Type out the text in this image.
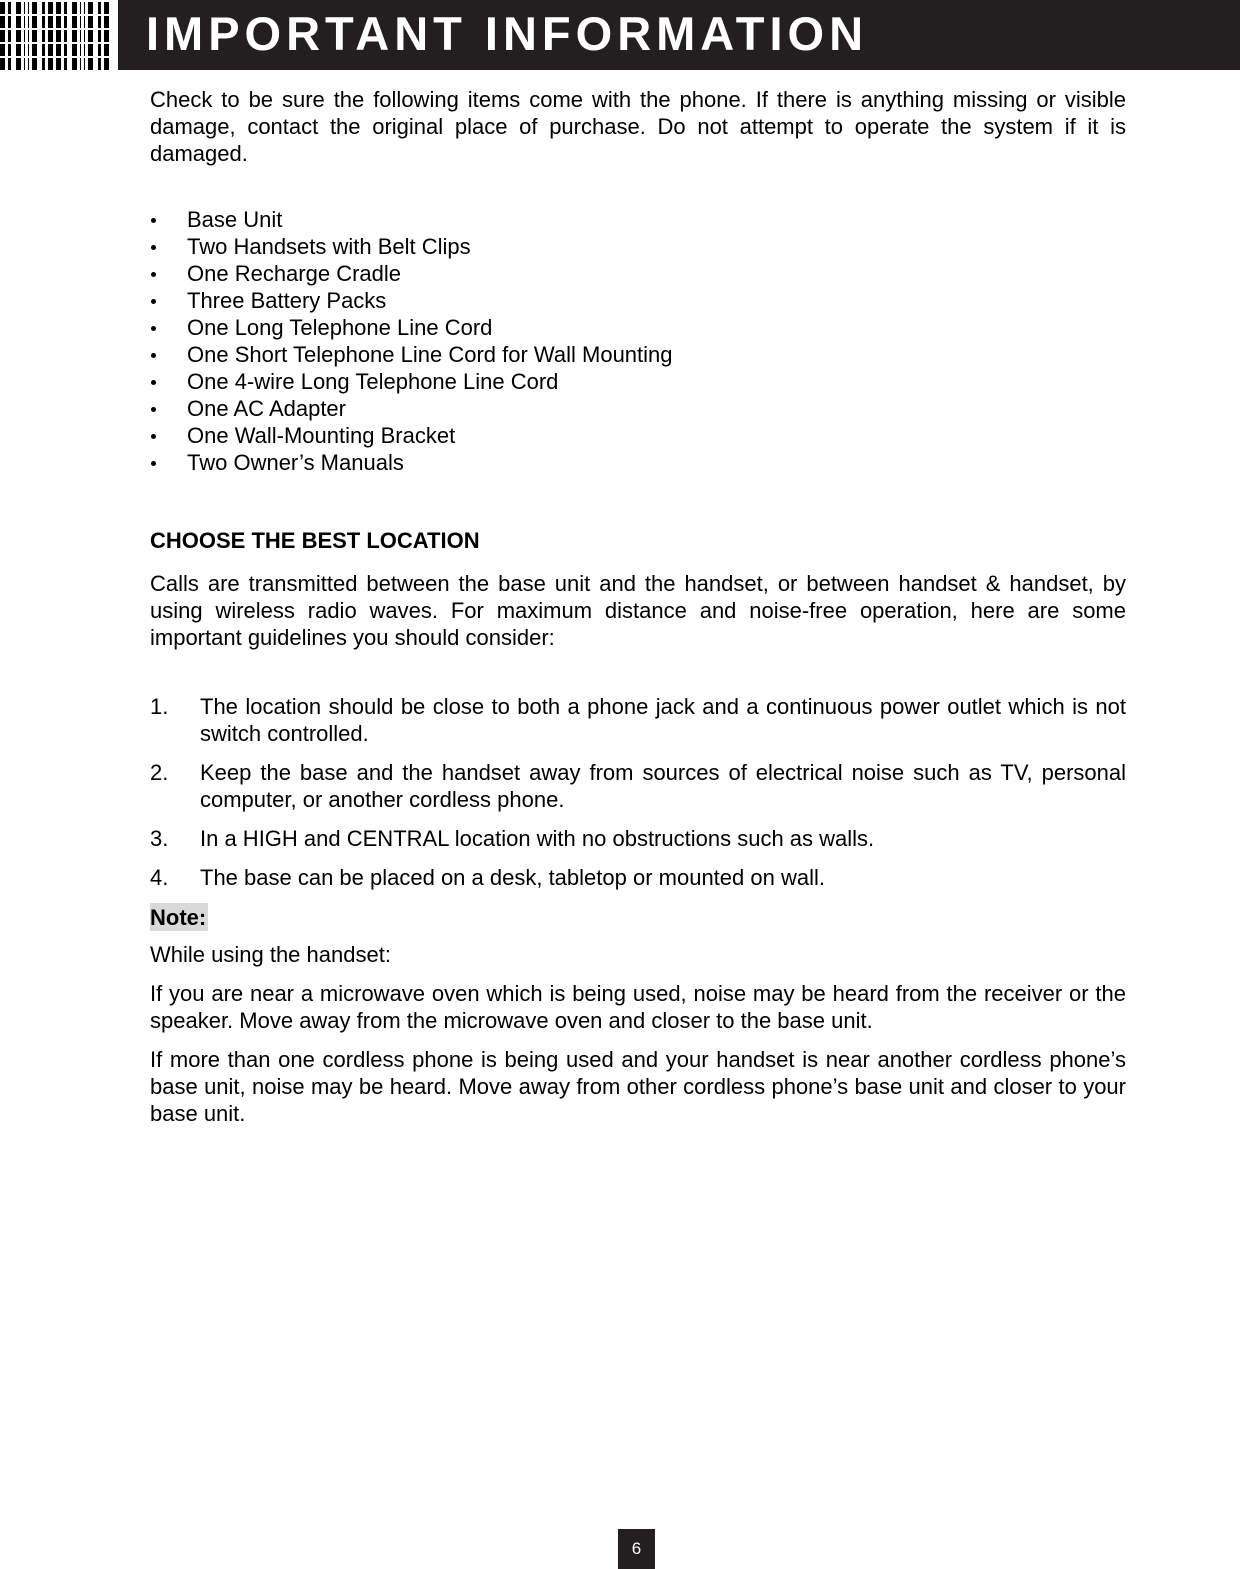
IMPORTANT INFORMATION

Check to be sure the following items come with the phone. If there is anything missing or visible damage, contact the original place of purchase. Do not attempt to operate the system if it is damaged.

Base Unit
Two Handsets with Belt Clips
One Recharge Cradle
Three Battery Packs
One Long Telephone Line Cord
One Short Telephone Line Cord for Wall Mounting
One 4-wire Long Telephone Line Cord
One AC Adapter
One Wall-Mounting Bracket
Two Owner’s Manuals
CHOOSE THE BEST LOCATION

Calls are transmitted between the base unit and the handset, or between handset & handset, by using wireless radio waves. For maximum distance and noise-free operation, here are some important guidelines you should consider:

1. The location should be close to both a phone jack and a continuous power outlet which is not switch controlled.
2. Keep the base and the handset away from sources of electrical noise such as TV, personal computer, or another cordless phone.
3. In a HIGH and CENTRAL location with no obstructions such as walls.
4. The base can be placed on a desk, tabletop or mounted on wall.
Note:

While using the handset:

If you are near a microwave oven which is being used, noise may be heard from the receiver or the speaker. Move away from the microwave oven and closer to the base unit.

If more than one cordless phone is being used and your handset is near another cordless phone’s base unit, noise may be heard. Move away from other cordless phone’s base unit and closer to your base unit.

6
